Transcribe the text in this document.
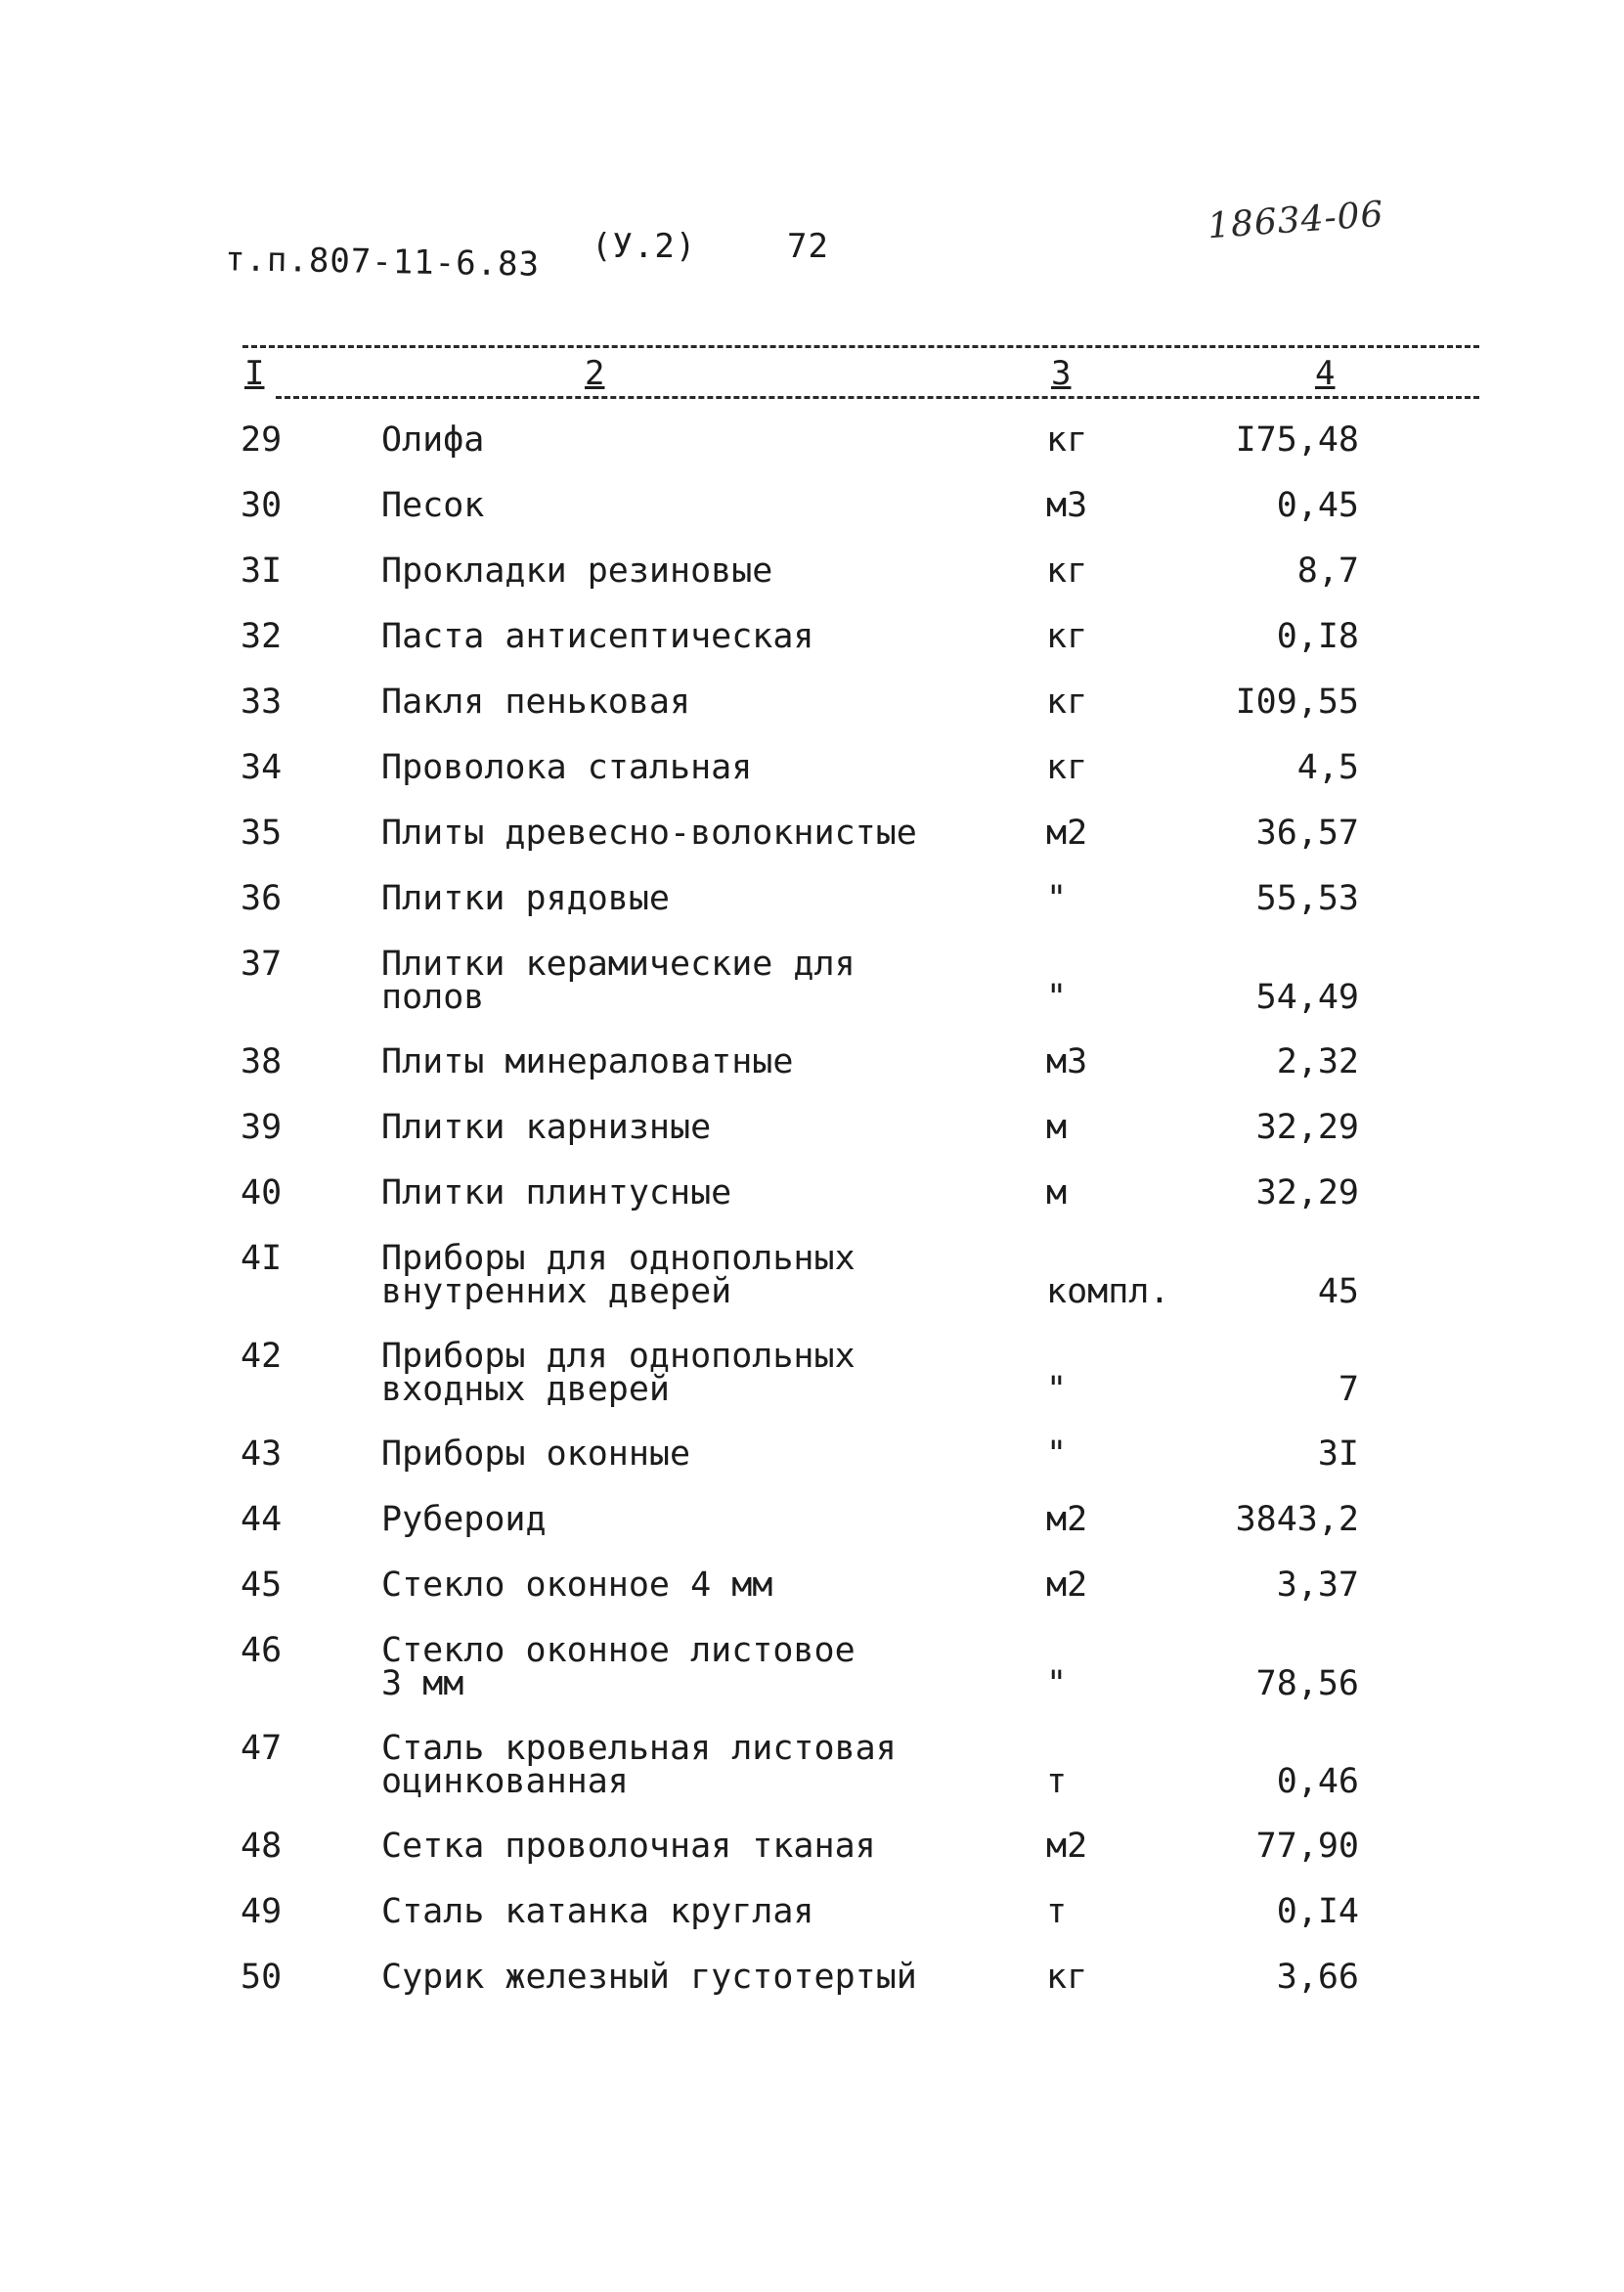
т.п.807-11-6.83 (У.2)	72	18634-06
I	2	3	4
29	Олифа	кг	I75,48
30	Песок	м3	0,45
3I	Прокладки резиновые	кг	8,7
32	Паста антисептическая	кг	0,I8
33	Пакля пеньковая	кг	I09,55
34	Проволока стальная	кг	4,5
35	Плиты древесно-волокнистые	м2	36,57
36	Плитки рядовые	"	55,53
37	Плитки керамические для
полов	"	54,49
38	Плиты минераловатные	м3	2,32
39	Плитки карнизные	м	32,29
40	Плитки плинтусные	м	32,29
4I	Приборы для однопольных
внутренних дверей	компл.	45
42	Приборы для однопольных
входных дверей	"	7
43	Приборы оконные	"	3I
44	Рубероид	м2	3843,2
45	Стекло оконное 4 мм	м2	3,37
46	Стекло оконное листовое
3 мм	"	78,56
47	Сталь кровельная листовая
оцинкованная	т	0,46
48	Сетка проволочная тканая	м2	77,90
49	Сталь катанка круглая	т	0,I4
50	Сурик железный густотертый	кг	3,66
